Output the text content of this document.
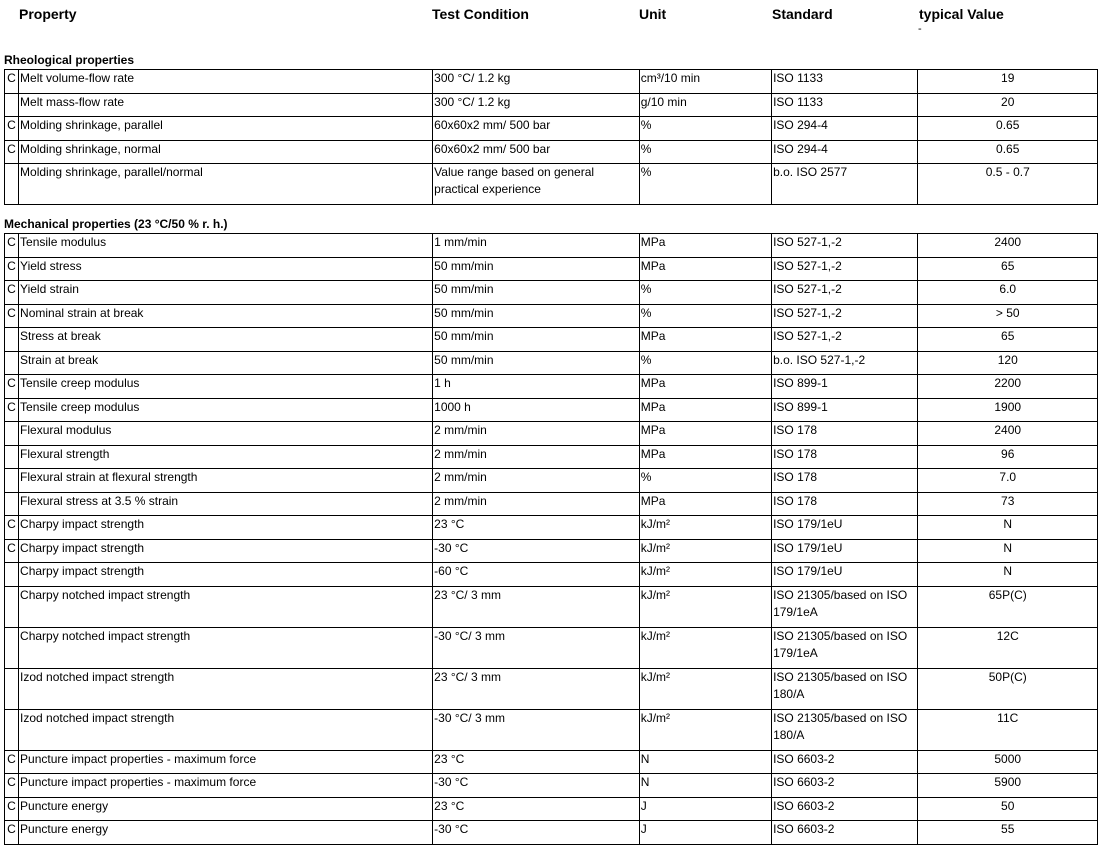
Property	Test Condition	Unit	Standard	typical Value
-
Rheological properties
C	Melt volume-flow rate	300 °C/ 1.2 kg	cm³/10 min	ISO 1133	19
	Melt mass-flow rate	300 °C/ 1.2 kg	g/10 min	ISO 1133	20
C	Molding shrinkage, parallel	60x60x2 mm/ 500 bar	%	ISO 294-4	0.65
C	Molding shrinkage, normal	60x60x2 mm/ 500 bar	%	ISO 294-4	0.65
	Molding shrinkage, parallel/normal	Value range based on general practical experience	%	b.o. ISO 2577	0.5 - 0.7
Mechanical properties (23 °C/50 % r. h.)
C	Tensile modulus	1 mm/min	MPa	ISO 527-1,-2	2400
C	Yield stress	50 mm/min	MPa	ISO 527-1,-2	65
C	Yield strain	50 mm/min	%	ISO 527-1,-2	6.0
C	Nominal strain at break	50 mm/min	%	ISO 527-1,-2	> 50
	Stress at break	50 mm/min	MPa	ISO 527-1,-2	65
	Strain at break	50 mm/min	%	b.o. ISO 527-1,-2	120
C	Tensile creep modulus	1 h	MPa	ISO 899-1	2200
C	Tensile creep modulus	1000 h	MPa	ISO 899-1	1900
	Flexural modulus	2 mm/min	MPa	ISO 178	2400
	Flexural strength	2 mm/min	MPa	ISO 178	96
	Flexural strain at flexural strength	2 mm/min	%	ISO 178	7.0
	Flexural stress at 3.5 % strain	2 mm/min	MPa	ISO 178	73
C	Charpy impact strength	23 °C	kJ/m²	ISO 179/1eU	N
C	Charpy impact strength	-30 °C	kJ/m²	ISO 179/1eU	N
	Charpy impact strength	-60 °C	kJ/m²	ISO 179/1eU	N
	Charpy notched impact strength	23 °C/ 3 mm	kJ/m²	ISO 21305/based on ISO 179/1eA	65P(C)
	Charpy notched impact strength	-30 °C/ 3 mm	kJ/m²	ISO 21305/based on ISO 179/1eA	12C
	Izod notched impact strength	23 °C/ 3 mm	kJ/m²	ISO 21305/based on ISO 180/A	50P(C)
	Izod notched impact strength	-30 °C/ 3 mm	kJ/m²	ISO 21305/based on ISO 180/A	11C
C	Puncture impact properties - maximum force	23 °C	N	ISO 6603-2	5000
C	Puncture impact properties - maximum force	-30 °C	N	ISO 6603-2	5900
C	Puncture energy	23 °C	J	ISO 6603-2	50
C	Puncture energy	-30 °C	J	ISO 6603-2	55
